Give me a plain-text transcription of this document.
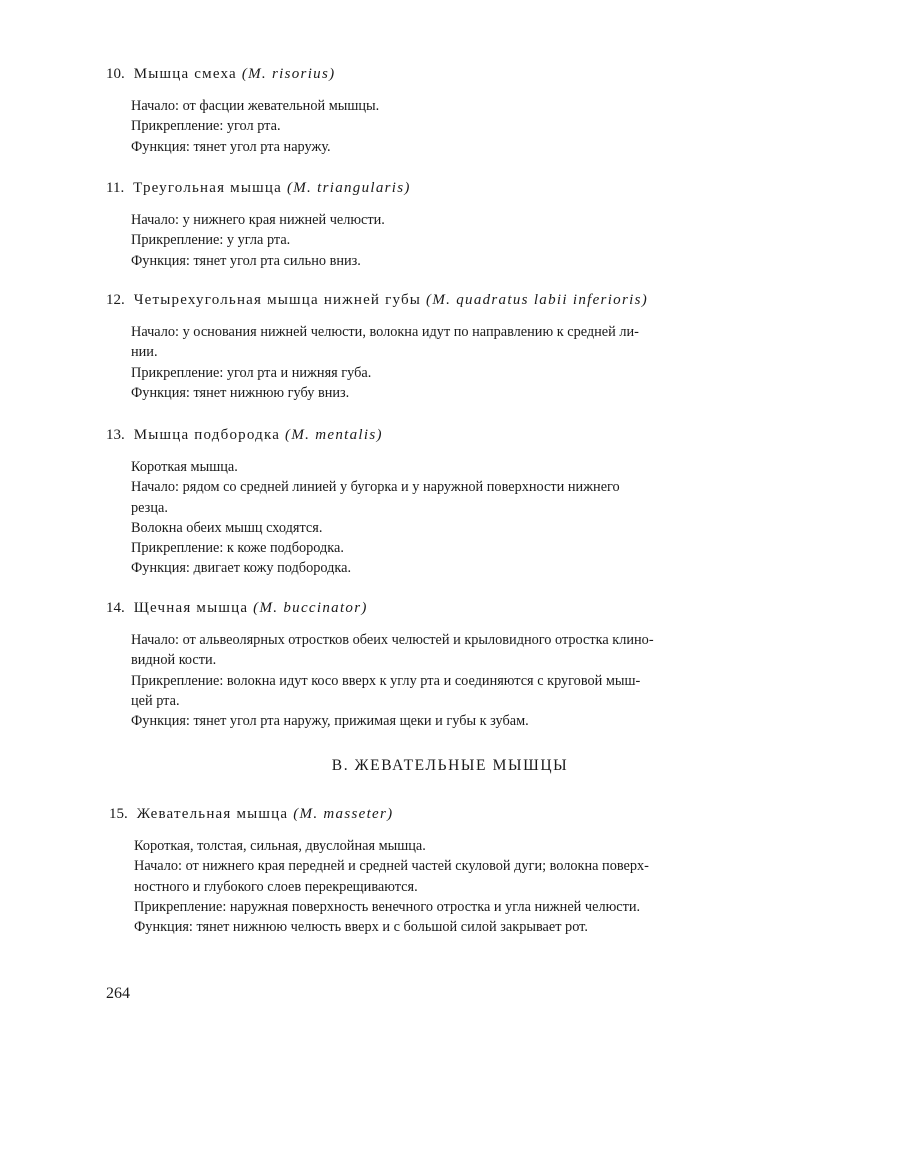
10. Мышца смеха (M. risorius)
Начало: от фасции жевательной мышцы.
Прикрепление: угол рта.
Функция: тянет угол рта наружу.
11. Треугольная мышца (M. triangularis)
Начало: у нижнего края нижней челюсти.
Прикрепление: у угла рта.
Функция: тянет угол рта сильно вниз.
12. Четырехугольная мышца нижней губы (M. quadratus labii inferioris)
Начало: у основания нижней челюсти, волокна идут по направлению к средней ли-
нии.
Прикрепление: угол рта и нижняя губа.
Функция: тянет нижнюю губу вниз.
13. Мышца подбородка (M. mentalis)
Короткая мышца.
Начало: рядом со средней линией у бугорка и у наружной поверхности нижнего
резца.
Волокна обеих мышц сходятся.
Прикрепление: к коже подбородка.
Функция: двигает кожу подбородка.
14. Щечная мышца (M. buccinator)
Начало: от альвеолярных отростков обеих челюстей и крыловидного отростка клино-
видной кости.
Прикрепление: волокна идут косо вверх к углу рта и соединяются с круговой мыш-
цей рта.
Функция: тянет угол рта наружу, прижимая щеки и губы к зубам.
В. ЖЕВАТЕЛЬНЫЕ МЫШЦЫ
15. Жевательная мышца (M. masseter)
Короткая, толстая, сильная, двуслойная мышца.
Начало: от нижнего края передней и средней частей скуловой дуги; волокна поверх-
ностного и глубокого слоев перекрещиваются.
Прикрепление: наружная поверхность венечного отростка и угла нижней челюсти.
Функция: тянет нижнюю челюсть вверх и с большой силой закрывает рот.
264
